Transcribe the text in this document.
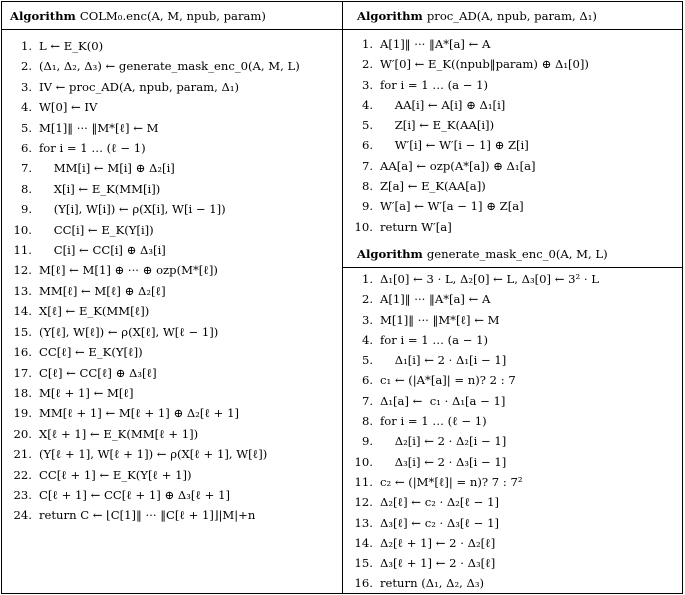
Algorithm COLM₀.enc(A, M, npub, param)
1. L ← E_K(0)
2. (Δ₁, Δ₂, Δ₃) ← generate_mask_enc_0(A, M, L)
3. IV ← proc_AD(A, npub, param, Δ₁)
4. W[0] ← IV
5. M[1]‖ ··· ‖M*[ℓ] ← M
6. for i = 1 … (ℓ − 1)
7. MM[i] ← M[i] ⊕ Δ₂[i]
8. X[i] ← E_K(MM[i])
9. (Y[i], W[i]) ← ρ(X[i], W[i − 1])
10. CC[i] ← E_K(Y[i])
11. C[i] ← CC[i] ⊕ Δ₃[i]
12. M[ℓ] ← M[1] ⊕ ··· ⊕ ozp(M*[ℓ])
13. MM[ℓ] ← M[ℓ] ⊕ Δ₂[ℓ]
14. X[ℓ] ← E_K(MM[ℓ])
15. (Y[ℓ], W[ℓ]) ← ρ(X[ℓ], W[ℓ − 1])
16. CC[ℓ] ← E_K(Y[ℓ])
17. C[ℓ] ← CC[ℓ] ⊕ Δ₃[ℓ]
18. M[ℓ + 1] ← M[ℓ]
19. MM[ℓ + 1] ← M[ℓ + 1] ⊕ Δ₂[ℓ + 1]
20. X[ℓ + 1] ← E_K(MM[ℓ + 1])
21. (Y[ℓ + 1], W[ℓ + 1]) ← ρ(X[ℓ + 1], W[ℓ])
22. CC[ℓ + 1] ← E_K(Y[ℓ + 1])
23. C[ℓ + 1] ← CC[ℓ + 1] ⊕ Δ₃[ℓ + 1]
24. return C ← ⌊C[1]‖ ··· ‖C[ℓ + 1]⌋|M|+n
Algorithm proc_AD(A, npub, param, Δ₁)
1. A[1]‖ ··· ‖A*[a] ← A
2. W′[0] ← E_K((npub‖param) ⊕ Δ₁[0])
3. for i = 1 … (a − 1)
4. AA[i] ← A[i] ⊕ Δ₁[i]
5. Z[i] ← E_K(AA[i])
6. W′[i] ← W′[i − 1] ⊕ Z[i]
7. AA[a] ← ozp(A*[a]) ⊕ Δ₁[a]
8. Z[a] ← E_K(AA[a])
9. W′[a] ← W′[a − 1] ⊕ Z[a]
10. return W′[a]
Algorithm generate_mask_enc_0(A, M, L)
1. Δ₁[0] ← 3 · L, Δ₂[0] ← L, Δ₃[0] ← 3² · L
2. A[1]‖ ··· ‖A*[a] ← A
3. M[1]‖ ··· ‖M*[ℓ] ← M
4. for i = 1 … (a − 1)
5. Δ₁[i] ← 2 · Δ₁[i − 1]
6. c₁ ← (|A*[a]| = n)? 2 : 7
7. Δ₁[a] ←  c₁ · Δ₁[a − 1]
8. for i = 1 … (ℓ − 1)
9. Δ₂[i] ← 2 · Δ₂[i − 1]
10. Δ₃[i] ← 2 · Δ₃[i − 1]
11. c₂ ← (|M*[ℓ]| = n)? 7 : 7²
12. Δ₂[ℓ] ← c₂ · Δ₂[ℓ − 1]
13. Δ₃[ℓ] ← c₂ · Δ₃[ℓ − 1]
14. Δ₂[ℓ + 1] ← 2 · Δ₂[ℓ]
15. Δ₃[ℓ + 1] ← 2 · Δ₃[ℓ]
16. return (Δ₁, Δ₂, Δ₃)
